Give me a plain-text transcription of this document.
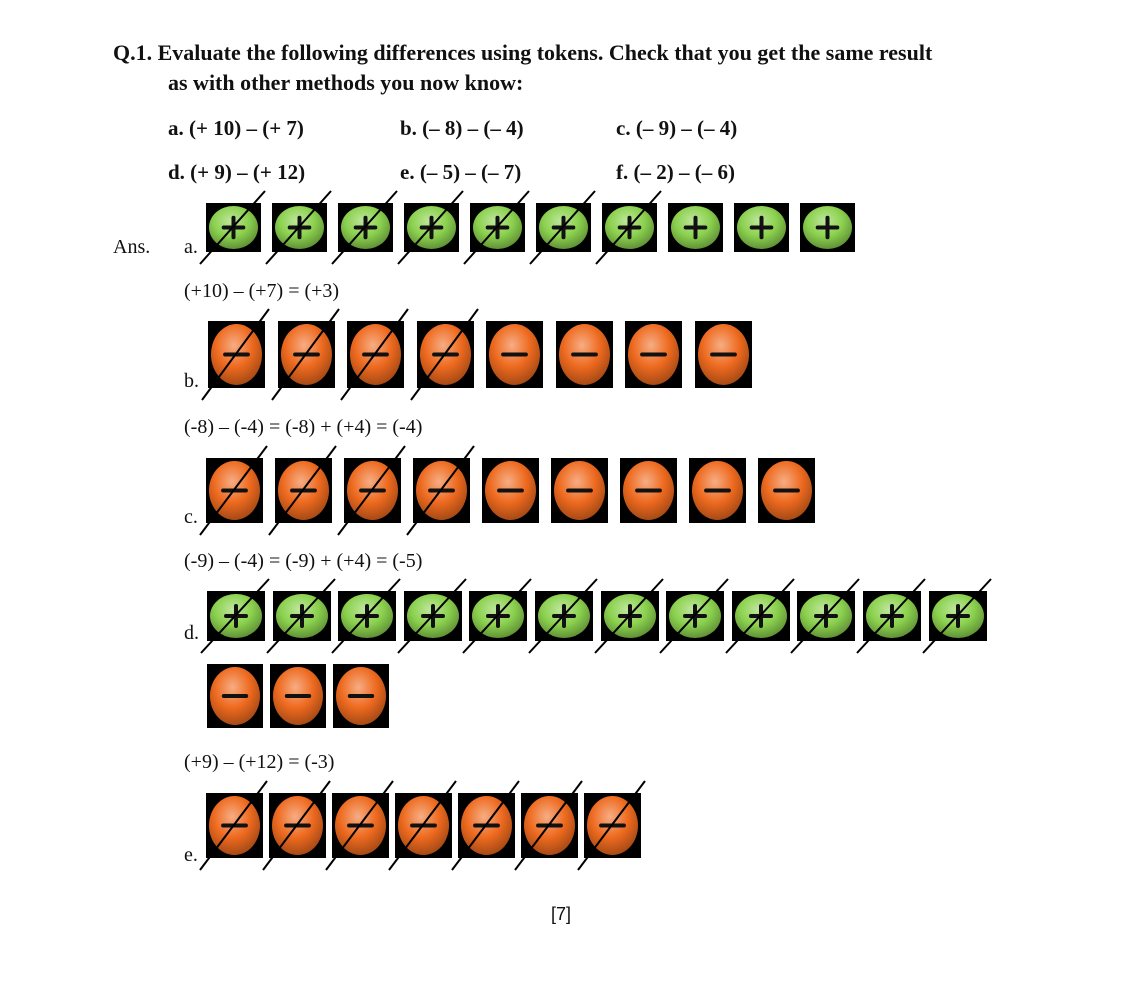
Q.1. Evaluate the following differences using tokens. Check that you get the same result
as with other methods you now know:
a. (+ 10) – (+ 7)	b. (– 8) – (– 4)	c. (– 9) – (– 4)
d. (+ 9) – (+ 12)	e. (– 5) – (– 7)	f. (– 2) – (– 6)
Ans. a.
b.
c.
d.
e.
(+10) – (+7) = (+3)
(-8) – (-4) = (-8) + (+4) = (-4)
(-9) – (-4) = (-9) + (+4) = (-5)
(+9) – (+12) = (-3)
[7]
